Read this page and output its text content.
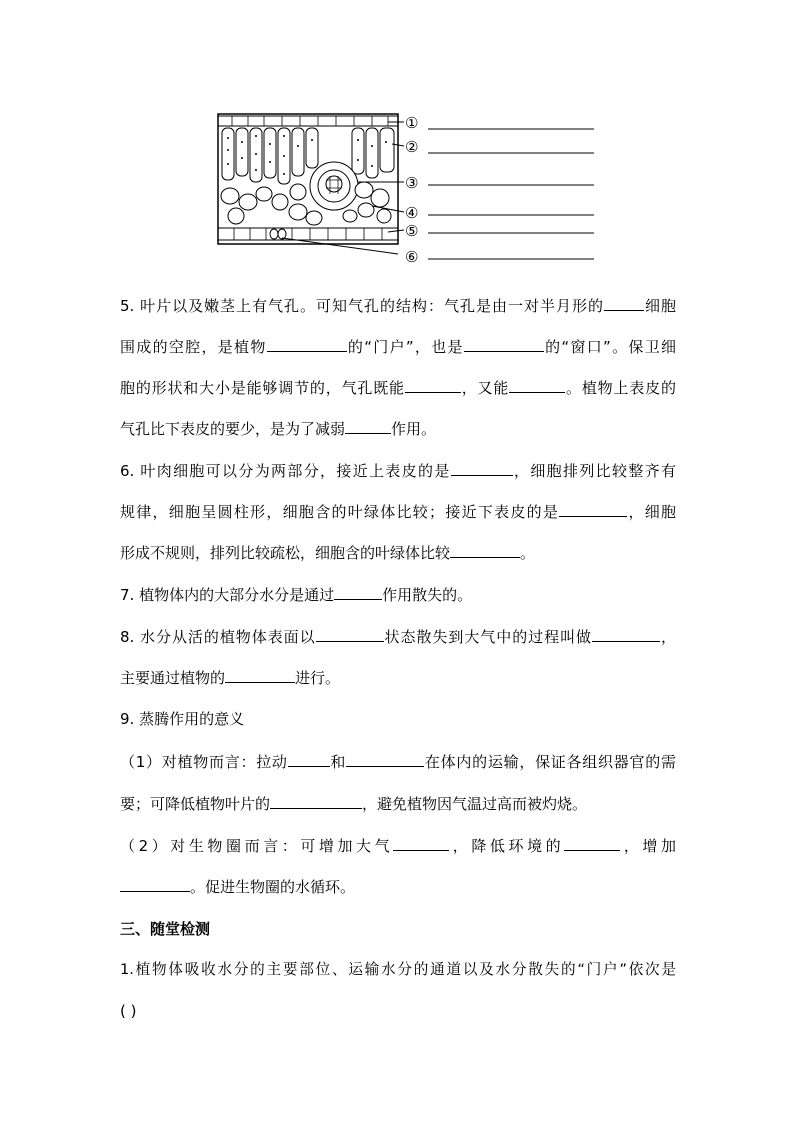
①
②
③
④
⑤
⑥
5. 叶片以及嫩茎上有气孔。可知气孔的结构：气孔是由一对半月形的	细胞
围成的空腔，是植物	的“门户”，也是	的“窗口”。保卫细
胞的形状和大小是能够调节的，气孔既能	，又能	。植物上表皮的
气孔比下表皮的要少，是为了减弱	作用。
6. 叶肉细胞可以分为两部分，接近上表皮的是	，细胞排列比较整齐有
规律，细胞呈圆柱形，细胞含的叶绿体比较；接近下表皮的是	，细胞
形成不规则，排列比较疏松，细胞含的叶绿体比较	。
7. 植物体内的大部分水分是通过	作用散失的。
8. 水分从活的植物体表面以	状态散失到大气中的过程叫做	，
主要通过植物的	进行。
9. 蒸腾作用的意义
（1）对植物而言：拉动	和	在体内的运输，保证各组织器官的需
要；可降低植物叶片的	，避免植物因气温过高而被灼烧。
（2）对生物圈而言：可增加大气	，降低环境的	，增加
。促进生物圈的水循环。
三、随堂检测
1.植物体吸收水分的主要部位、运输水分的通道以及水分散失的“门户”依次是
( )
